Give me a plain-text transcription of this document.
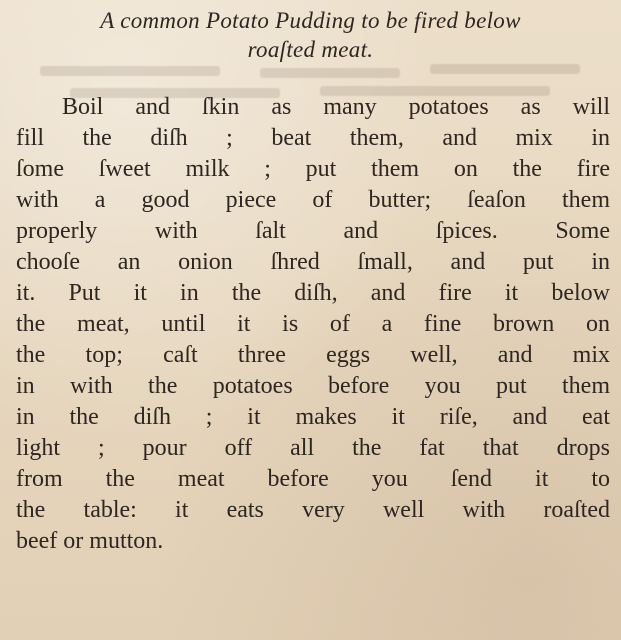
A common Potato Pudding to be fired below
roaſted meat.
Boil and ſkin as many potatoes as will
fill the diſh ; beat them, and mix in
ſome ſweet milk ; put them on the fire
with a good piece of butter; ſeaſon them
properly with ſalt and ſpices. Some
chooſe an onion ſhred ſmall, and put in
it. Put it in the diſh, and fire it below
the meat, until it is of a fine brown on
the top; caſt three eggs well, and mix
in with the potatoes before you put them
in the diſh ; it makes it riſe, and eat
light ; pour off all the fat that drops
from the meat before you ſend it to
the table: it eats very well with roaſted
beef or mutton.
